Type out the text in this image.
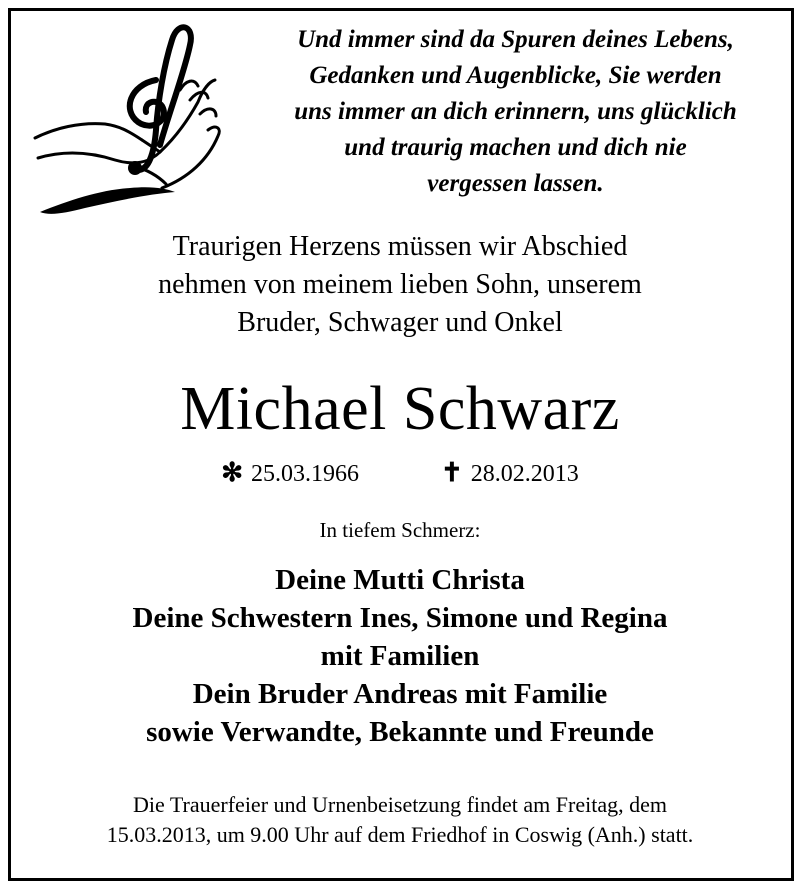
Und immer sind da Spuren deines Lebens,
Gedanken und Augenblicke, Sie werden
uns immer an dich erinnern, uns glücklich
und traurig machen und dich nie
vergessen lassen.

Traurigen Herzens müssen wir Abschied
nehmen von meinem lieben Sohn, unserem
Bruder, Schwager und Onkel

Michael Schwarz
✻ 25.03.1966	✝ 28.02.2013
In tiefem Schmerz:
Deine Mutti Christa
Deine Schwestern Ines, Simone und Regina
mit Familien
Dein Bruder Andreas mit Familie
sowie Verwandte, Bekannte und Freunde
Die Trauerfeier und Urnenbeisetzung findet am Freitag, dem
15.03.2013, um 9.00 Uhr auf dem Friedhof in Coswig (Anh.) statt.
